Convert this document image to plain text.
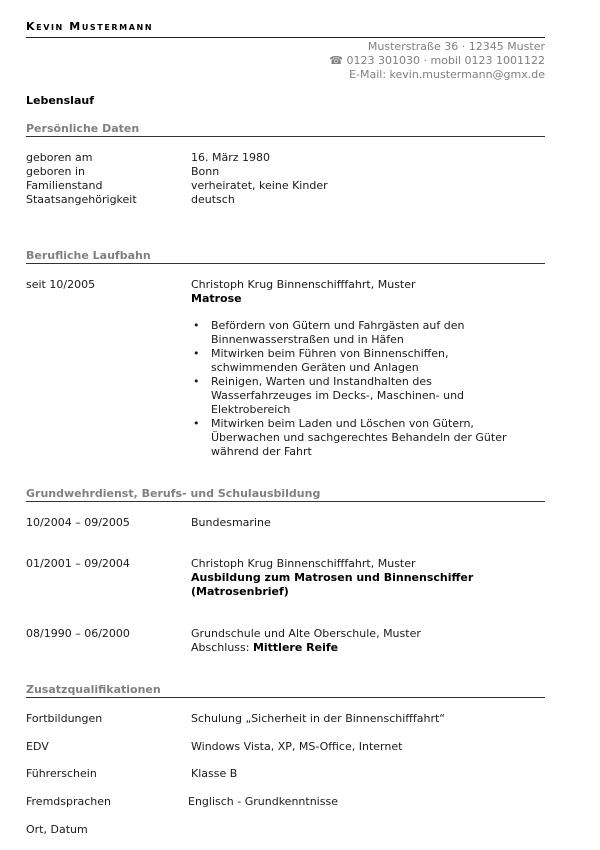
Kevin Mustermann
Musterstraße 36 · 12345 Muster
☎ 0123 301030 · mobil 0123 1001122
E-Mail: kevin.mustermann@gmx.de
Lebenslauf
Persönliche Daten
geboren am	16. März 1980
geboren in	Bonn
Familienstand	verheiratet, keine Kinder
Staatsangehörigkeit	deutsch
Berufliche Laufbahn
seit 10/2005	Christoph Krug Binnenschifffahrt, Muster
Matrose
• Befördern von Gütern und Fahrgästen auf den
Binnenwasserstraßen und in Häfen
• Mitwirken beim Führen von Binnenschiffen,
schwimmenden Geräten und Anlagen
• Reinigen, Warten und Instandhalten des
Wasserfahrzeuges im Decks-, Maschinen- und
Elektrobereich
• Mitwirken beim Laden und Löschen von Gütern,
Überwachen und sachgerechtes Behandeln der Güter
während der Fahrt
Grundwehrdienst, Berufs- und Schulausbildung
10/2004 – 09/2005	Bundesmarine
01/2001 – 09/2004	Christoph Krug Binnenschifffahrt, Muster
Ausbildung zum Matrosen und Binnenschiffer
(Matrosenbrief)
08/1990 – 06/2000	Grundschule und Alte Oberschule, Muster
Abschluss: Mittlere Reife
Zusatzqualifikationen
Fortbildungen	Schulung „Sicherheit in der Binnenschifffahrt“
EDV	Windows Vista, XP, MS-Office, Internet
Führerschein	Klasse B
Fremdsprachen	Englisch - Grundkenntnisse
Ort, Datum
